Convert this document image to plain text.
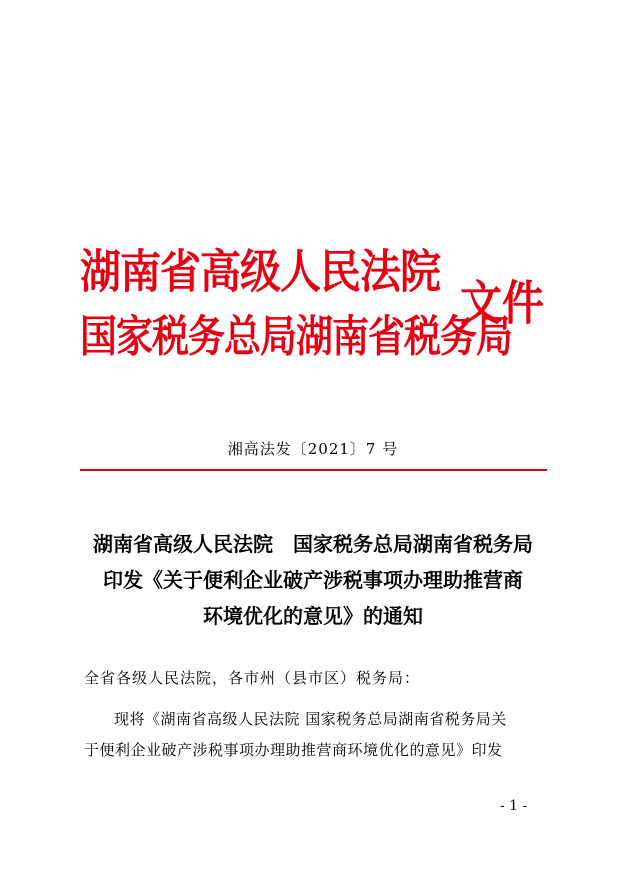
湖南省高级人民法院
国家税务总局湖南省税务局
文件
湘高法发〔2021〕7 号
湖南省高级人民法院　国家税务总局湖南省税务局
印发《关于便利企业破产涉税事项办理助推营商
环境优化的意见》的通知
全省各级人民法院，各市州（县市区）税务局：
现将《湖南省高级人民法院 国家税务总局湖南省税务局关
于便利企业破产涉税事项办理助推营商环境优化的意见》印发
- 1 -
